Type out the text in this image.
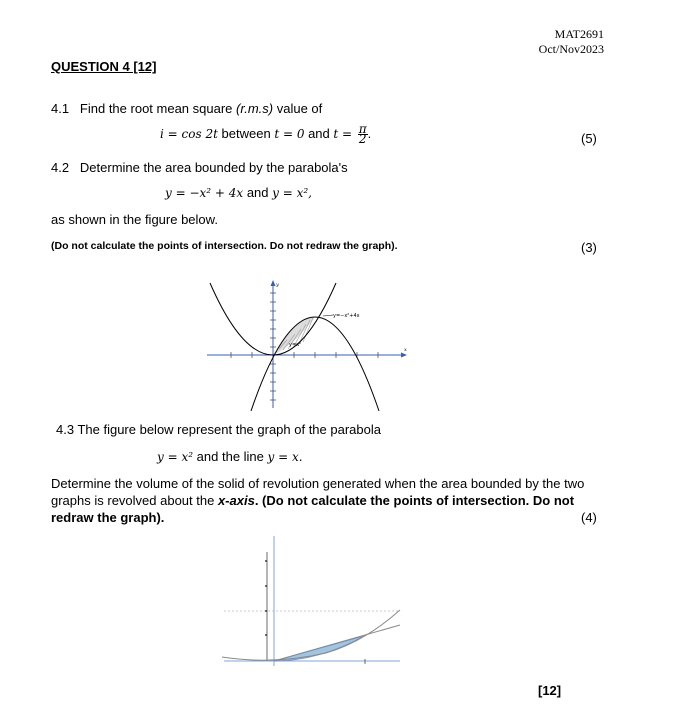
MAT2691
Oct/Nov2023
QUESTION 4 [12]
4.1 Find the root mean square (r.m.s) value of
i = cos 2t between t = 0 and $t = \frac{\pi}{2}$ .	(5)
4.2 Determine the area bounded by the parabola's
y = −x² + 4x and y = x²,
as shown in the figure below.
(Do not calculate the points of intersection. Do not redraw the graph).	(3)
y=−x²+4x
y=x²
y
x
4.3 The figure below represent the graph of the parabola
y = x² and the line y = x.
Determine the volume of the solid of revolution generated when the area bounded by the two
graphs is revolved about the x-axis. (Do not calculate the points of intersection. Do not
redraw the graph).	(4)
[12]
